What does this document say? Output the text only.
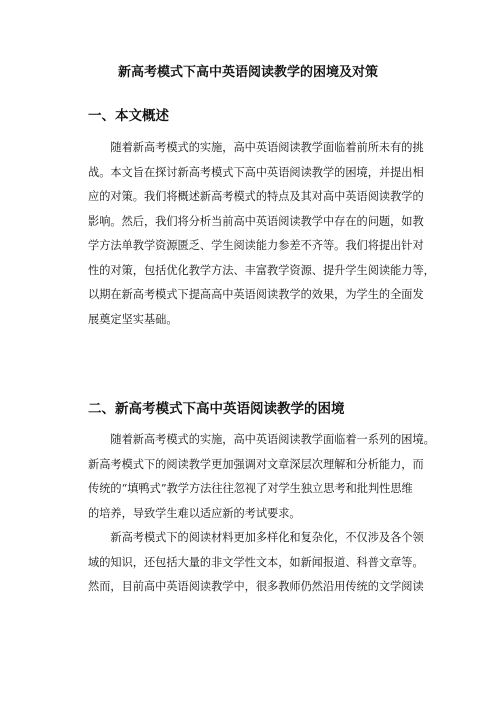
新高考模式下高中英语阅读教学的困境及对策
一、本文概述
　　随着新高考模式的实施，高中英语阅读教学面临着前所未有的挑
战。本文旨在探讨新高考模式下高中英语阅读教学的困境，并提出相
应的对策。我们将概述新高考模式的特点及其对高中英语阅读教学的
影响。然后，我们将分析当前高中英语阅读教学中存在的问题，如教
学方法单教学资源匮乏、学生阅读能力参差不齐等。我们将提出针对
性的对策，包括优化教学方法、丰富教学资源、提升学生阅读能力等，
以期在新高考模式下提高高中英语阅读教学的效果，为学生的全面发
展奠定坚实基础。
二、新高考模式下高中英语阅读教学的困境
　　随着新高考模式的实施，高中英语阅读教学面临着一系列的困境。
新高考模式下的阅读教学更加强调对文章深层次理解和分析能力，而
传统的“填鸭式”教学方法往往忽视了对学生独立思考和批判性思维
的培养，导致学生难以适应新的考试要求。
　　新高考模式下的阅读材料更加多样化和复杂化，不仅涉及各个领
域的知识，还包括大量的非文学性文本，如新闻报道、科普文章等。
然而，目前高中英语阅读教学中，很多教师仍然沿用传统的文学阅读
